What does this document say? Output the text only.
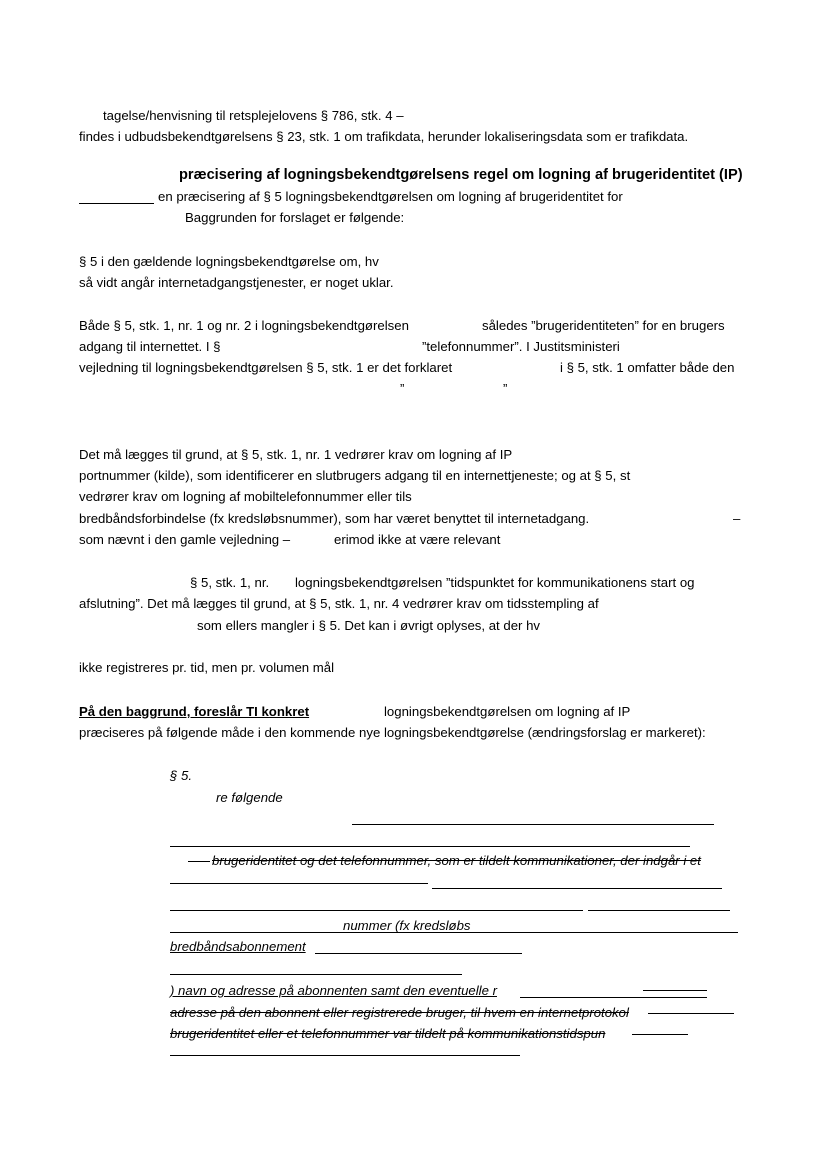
tagelse/henvisning til retsplejelovens § 786, stk. 4 –
findes i udbudsbekendtgørelsens § 23, stk. 1 om trafikdata, herunder lokaliseringsdata som er trafikdata.
præcisering af logningsbekendtgørelsens regel om logning af brugeridentitet (IP)
en præcisering af § 5 logningsbekendtgørelsen om logning af brugeridentitet for
Baggrunden for forslaget er følgende:
§ 5 i den gældende logningsbekendtgørelse om, hv
så vidt angår internetadgangstjenester, er noget uklar.
Både § 5, stk. 1, nr. 1 og nr. 2 i logningsbekendtgørelsen	således ”brugeridentiteten” for en brugers
adgang til internettet. I §	”telefonnummer”. I Justitsministeri
vejledning til logningsbekendtgørelsen § 5, stk. 1 er det forklaret	i § 5, stk. 1 omfatter både den
”	”
Det må lægges til grund, at § 5, stk. 1, nr. 1 vedrører krav om logning af IP
portnummer (kilde), som identificerer en slutbrugers adgang til en internettjeneste; og at § 5, st
vedrører krav om logning af mobiltelefonnummer eller tils
bredbåndsforbindelse (fx kredsløbsnummer), som har været benyttet til internetadgang.	–
som nævnt i den gamle vejledning –	erimod ikke at være relevant
§ 5, stk. 1, nr. logningsbekendtgørelsen ”tidspunktet for kommunikationens start og
afslutning”. Det må lægges til grund, at § 5, stk. 1, nr. 4 vedrører krav om tidsstempling af
som ellers mangler i § 5. Det kan i øvrigt oplyses, at der hv
ikke registreres pr. tid, men pr. volumen mål
På den baggrund, foreslår TI konkret	logningsbekendtgørelsen om logning af IP
præciseres på følgende måde i den kommende nye logningsbekendtgørelse (ændringsforslag er markeret):
§ 5.
re følgende
brugeridentitet og det telefonnummer, som er tildelt kommunikationer, der indgår i et
nummer (fx kredsløbs
bredbåndsabonnement
) navn og adresse på abonnenten samt den eventuelle r
adresse på den abonnent eller registrerede bruger, til hvem en internetprotokol
brugeridentitet eller et telefonnummer var tildelt på kommunikationstidspun
